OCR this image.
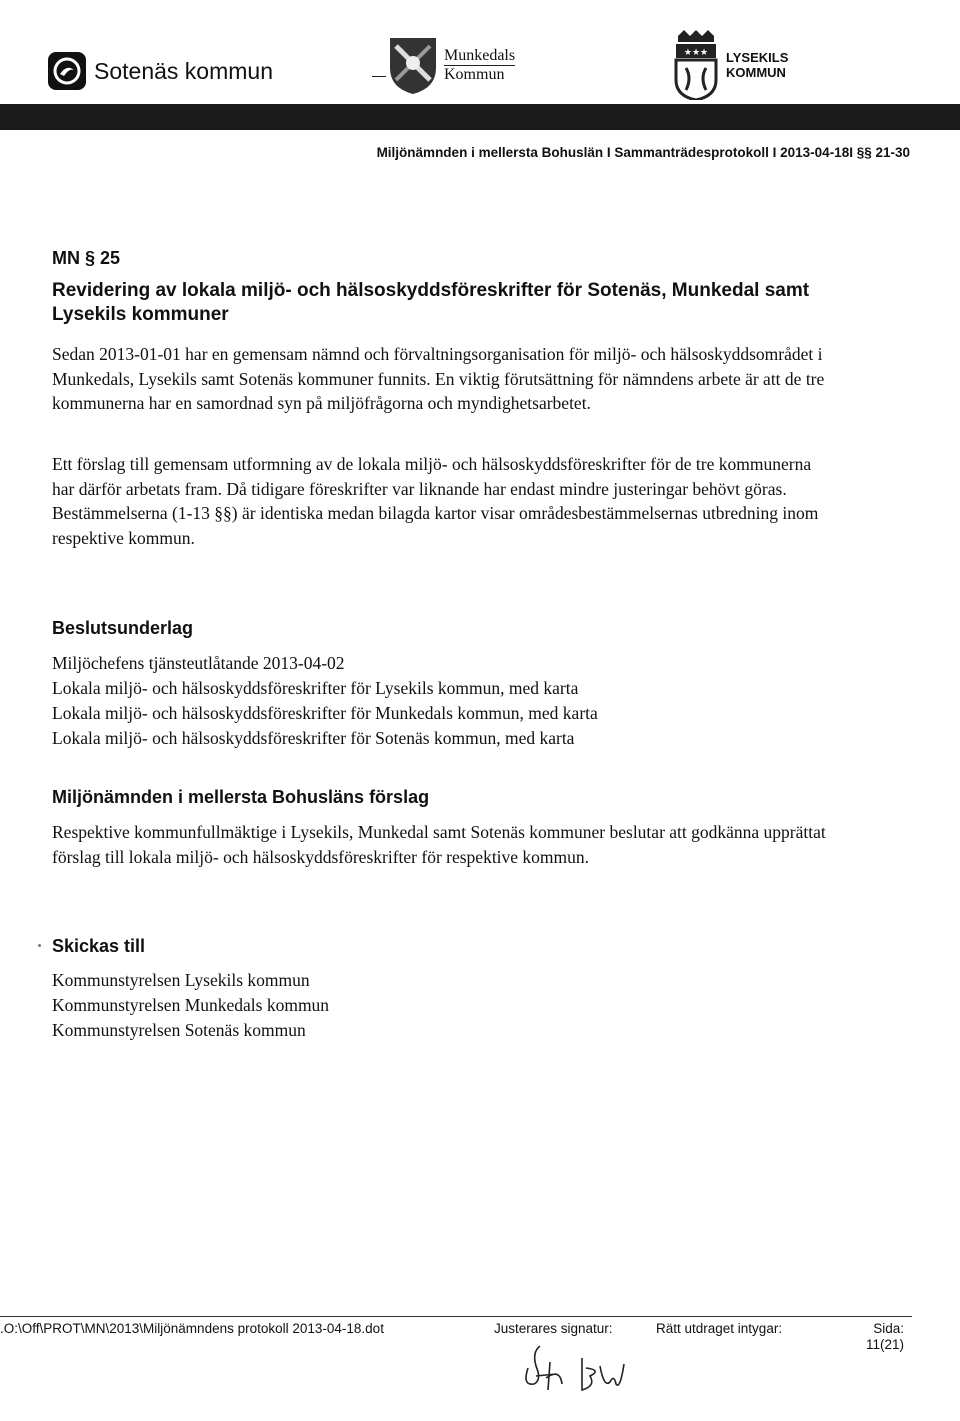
Sotenäs kommun
Munkedals
Kommun
★★★ LYSEKILS
KOMMUN
Miljönämnden i mellersta Bohuslän I Sammanträdesprotokoll I 2013-04-18I §§ 21-30
MN § 25
Revidering av lokala miljö- och hälsoskyddsföreskrifter för Sotenäs, Munkedal samt Lysekils kommuner
Sedan 2013-01-01 har en gemensam nämnd och förvaltningsorganisation för miljö- och hälsoskyddsområdet i Munkedals, Lysekils samt Sotenäs kommuner funnits. En viktig förutsättning för nämndens arbete är att de tre kommunerna har en samordnad syn på miljöfrågorna och myndighetsarbetet.
Ett förslag till gemensam utformning av de lokala miljö- och hälsoskyddsföreskrifter för de tre kommunerna har därför arbetats fram. Då tidigare föreskrifter var liknande har endast mindre justeringar behövt göras. Bestämmelserna (1-13 §§) är identiska medan bilagda kartor visar områdesbestämmelsernas utbredning inom respektive kommun.
Beslutsunderlag
Miljöchefens tjänsteutlåtande 2013-04-02
Lokala miljö- och hälsoskyddsföreskrifter för Lysekils kommun, med karta
Lokala miljö- och hälsoskyddsföreskrifter för Munkedals kommun, med karta
Lokala miljö- och hälsoskyddsföreskrifter för Sotenäs kommun, med karta
Miljönämnden i mellersta Bohusläns förslag
Respektive kommunfullmäktige i Lysekils, Munkedal samt Sotenäs kommuner beslutar att godkänna upprättat förslag till lokala miljö- och hälsoskyddsföreskrifter för respektive kommun.
Skickas till
Kommunstyrelsen Lysekils kommun
Kommunstyrelsen Munkedals kommun
Kommunstyrelsen Sotenäs kommun
.O:\Off\PROT\MN\2013\Miljönämndens protokoll 2013-04-18.dot	Justerares signatur:	Rätt utdraget intygar:	Sida:
11(21)
